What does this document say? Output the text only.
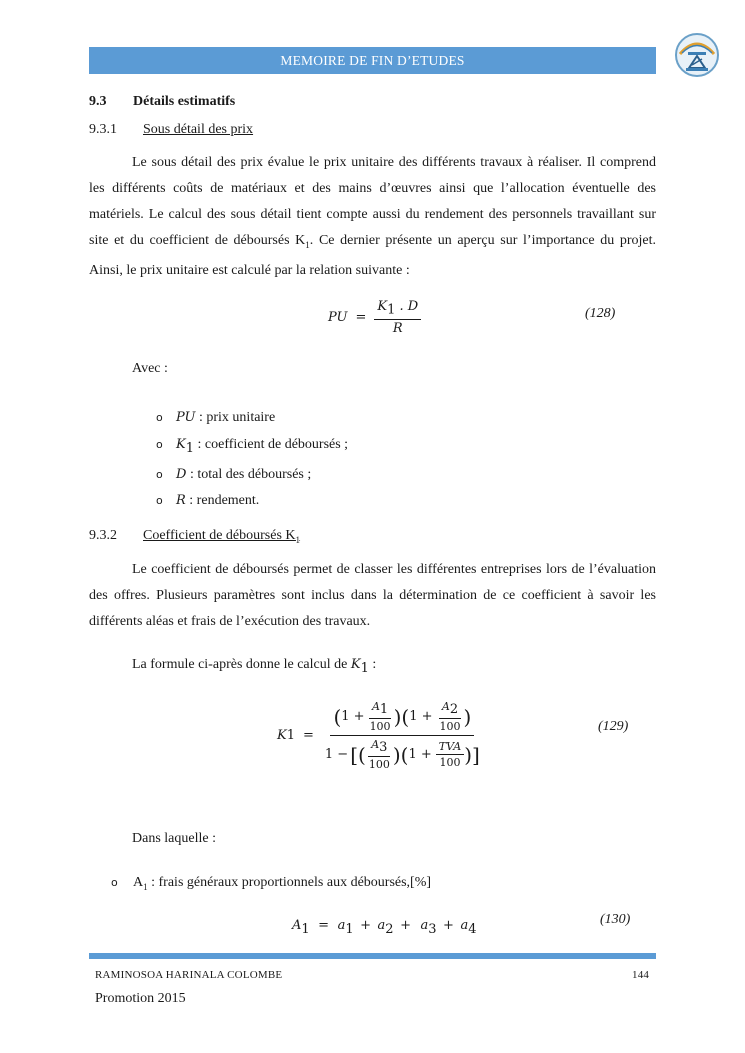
MEMOIRE DE FIN D’ETUDES
9.3 Détails estimatifs
9.3.1 Sous détail des prix
Le sous détail des prix évalue le prix unitaire des différents travaux à réaliser. Il comprend les différents coûts de matériaux et des mains d’œuvres ainsi que l’allocation éventuelle des matériels. Le calcul des sous détail tient compte aussi du rendement des personnels travaillant sur site et du coefficient de déboursés $K_1$. Ce dernier présente un aperçu sur l’importance du projet. Ainsi, le prix unitaire est calculé par la relation suivante :
PU = $\frac{K_1 . D}{R}$	(128)
Avec :
o PU : prix unitaire
o $K_1$ : coefficient de déboursés ;
o D : total des déboursés ;
o R : rendement.
9.3.2 Coefficient de déboursés $K_1$
Le coefficient de déboursés permet de classer les différentes entreprises lors de l’évaluation des offres. Plusieurs paramètres sont inclus dans la détermination de ce coefficient à savoir les différents aléas et frais de l’exécution des travaux.
La formule ci-après donne le calcul de $K_1$ :
K 1 =
( $1 + \frac{A_1}{100}$ ) ( $1 + \frac{A_2}{100}$ )
1 − [ ( $\frac{A_3}{100}$ ) ( $1 + \frac{\text{TVA}}{100}$ ) ]
(129)
Dans laquelle :
o $A_1$ : frais généraux proportionnels aux déboursés,[%]
$A_1 = a_1 + a_2 + a_3 + a_4$
(130)
RAMINOSOA HARINALA COLOMBE	144
Promotion 2015
